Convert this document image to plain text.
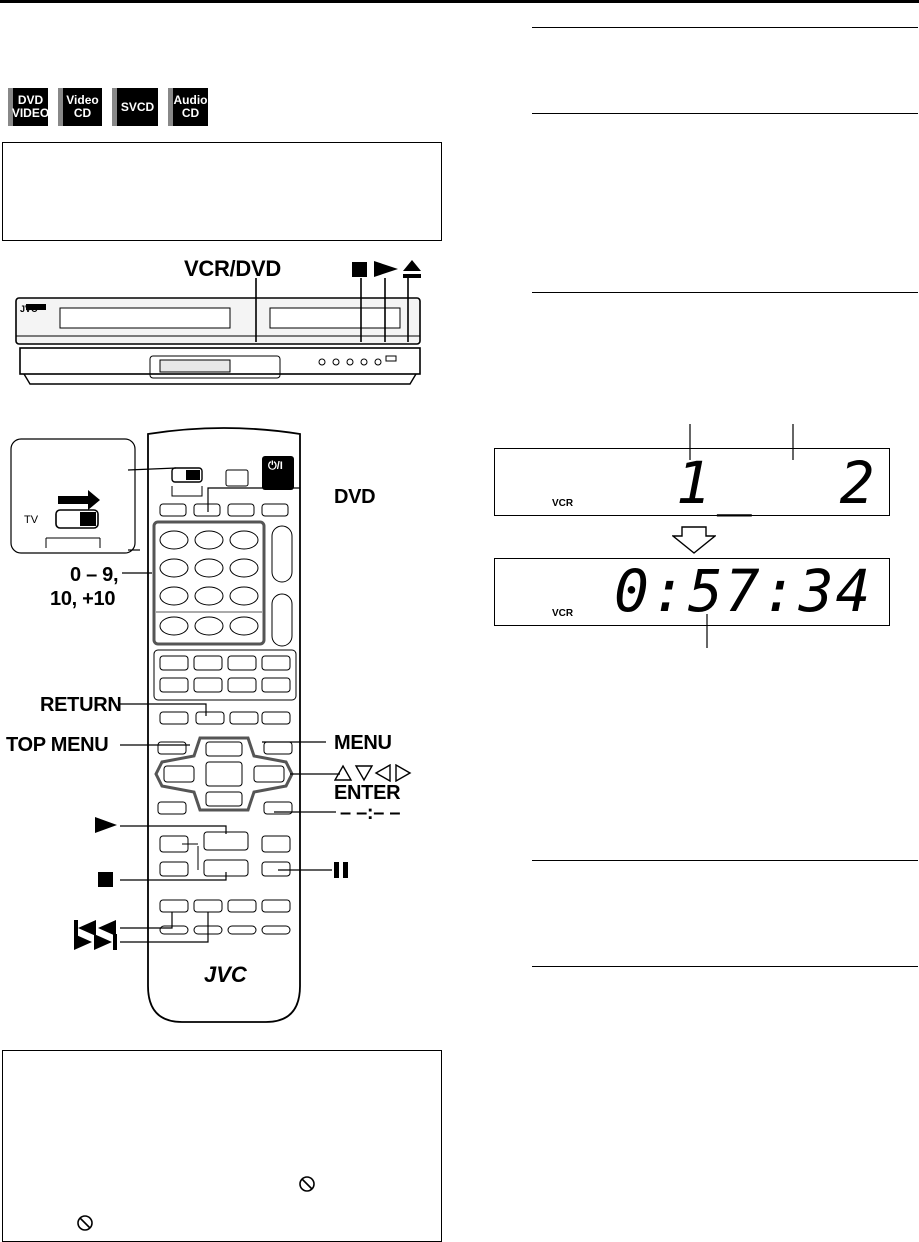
DVD
VIDEO
Video
CD	SVCD	Audio
CD
VCR/DVD
JVC
TV
⏻/I
JVC
DVD
0 – 9,
10, +10
RETURN
TOP MENU	MENU
ENTER
– –:– –
VCR 1_  2
VCR 0:57:34
